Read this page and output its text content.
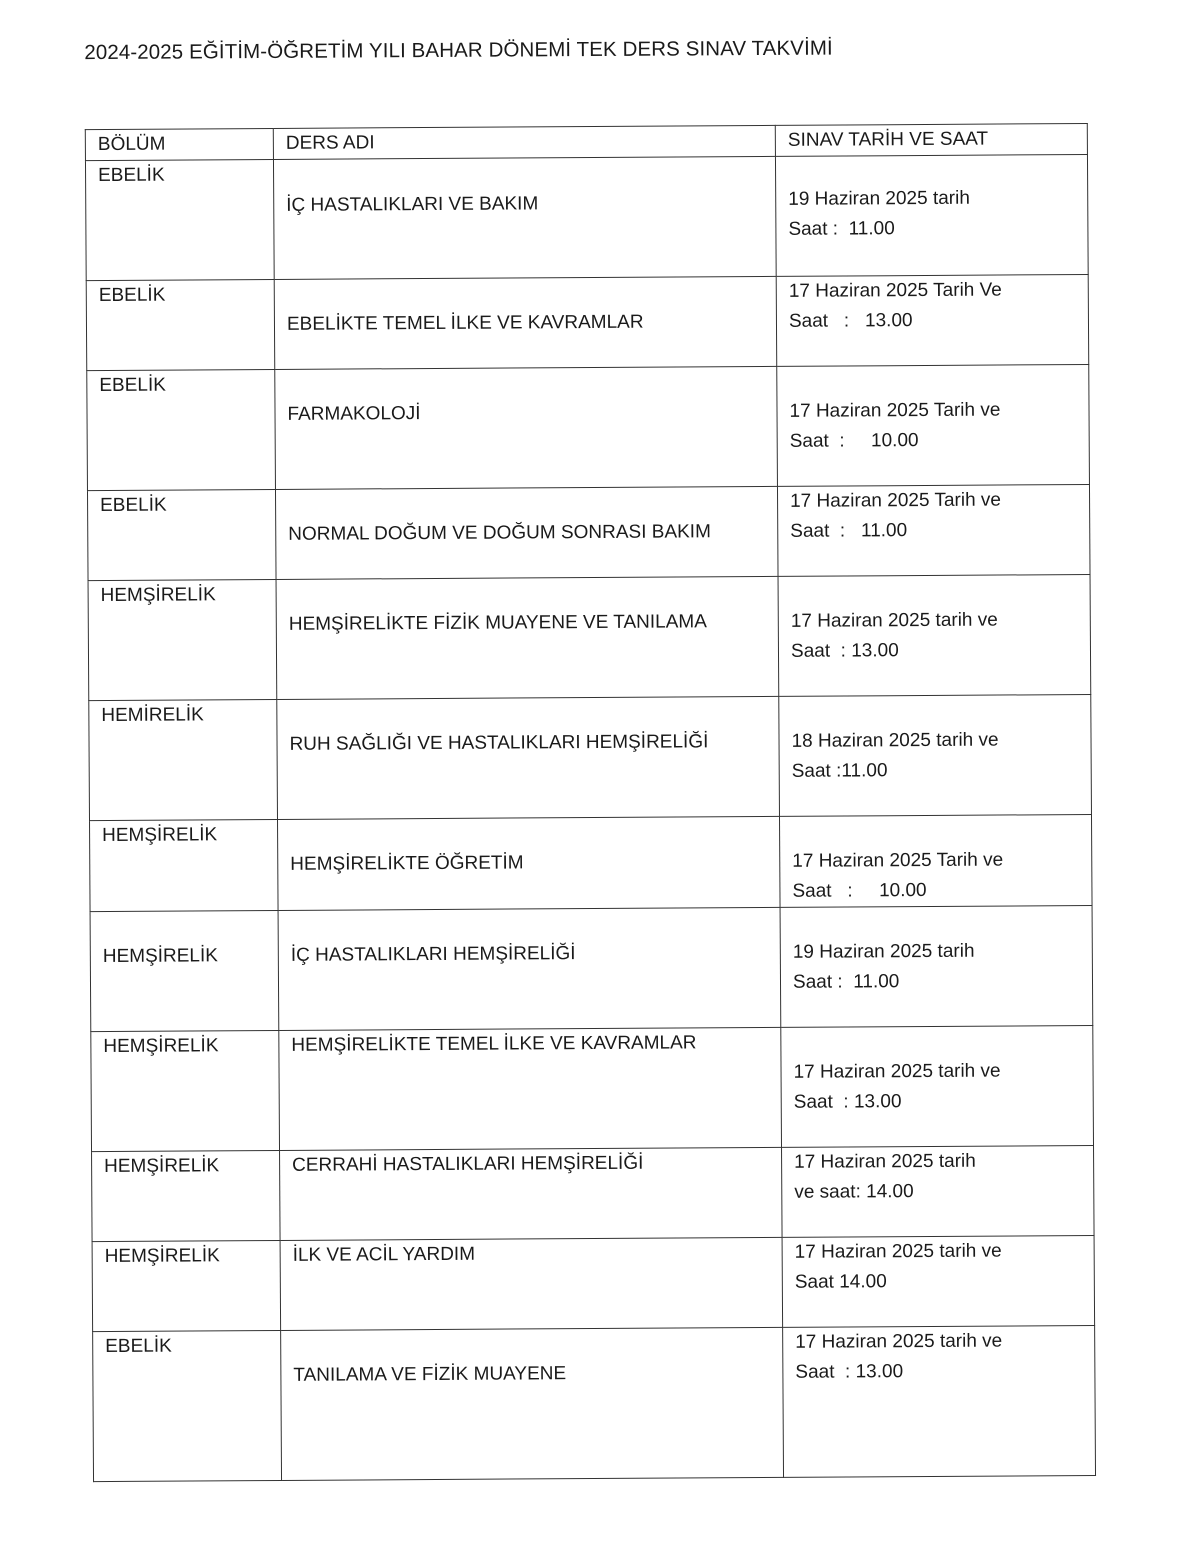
2024-2025 EĞİTİM-ÖĞRETİM YILI BAHAR DÖNEMİ TEK DERS SINAV TAKVİMİ
BÖLÜM	DERS ADI	SINAV TARİH VE SAAT

EBELİK	İÇ HASTALIKLARI VE BAKIM	19 Haziran 2025 tarih
Saat :  11.00

EBELİK	EBELİKTE TEMEL İLKE VE KAVRAMLAR	17 Haziran 2025 Tarih Ve
Saat   :   13.00

EBELİK	FARMAKOLOJİ	17 Haziran 2025 Tarih ve
Saat  :     10.00

EBELİK	NORMAL DOĞUM VE DOĞUM SONRASI BAKIM	17 Haziran 2025 Tarih ve
Saat  :   11.00

HEMŞİRELİK	HEMŞİRELİKTE FİZİK MUAYENE VE TANILAMA	17 Haziran 2025 tarih ve
Saat  : 13.00

HEMİRELİK	RUH SAĞLIĞI VE HASTALIKLARI HEMŞİRELİĞİ	18 Haziran 2025 tarih ve
Saat :11.00

HEMŞİRELİK	HEMŞİRELİKTE ÖĞRETİM	17 Haziran 2025 Tarih ve
Saat   :     10.00

HEMŞİRELİK	İÇ HASTALIKLARI HEMŞİRELİĞİ	19 Haziran 2025 tarih
Saat :  11.00

HEMŞİRELİK	HEMŞİRELİKTE TEMEL İLKE VE KAVRAMLAR	17 Haziran 2025 tarih ve
Saat  : 13.00

HEMŞİRELİK	CERRAHİ HASTALIKLARI HEMŞİRELİĞİ	17 Haziran 2025 tarih
ve saat: 14.00

HEMŞİRELİK	İLK VE ACİL YARDIM	17 Haziran 2025 tarih ve
Saat 14.00

EBELİK	TANILAMA VE FİZİK MUAYENE	17 Haziran 2025 tarih ve
Saat  : 13.00
